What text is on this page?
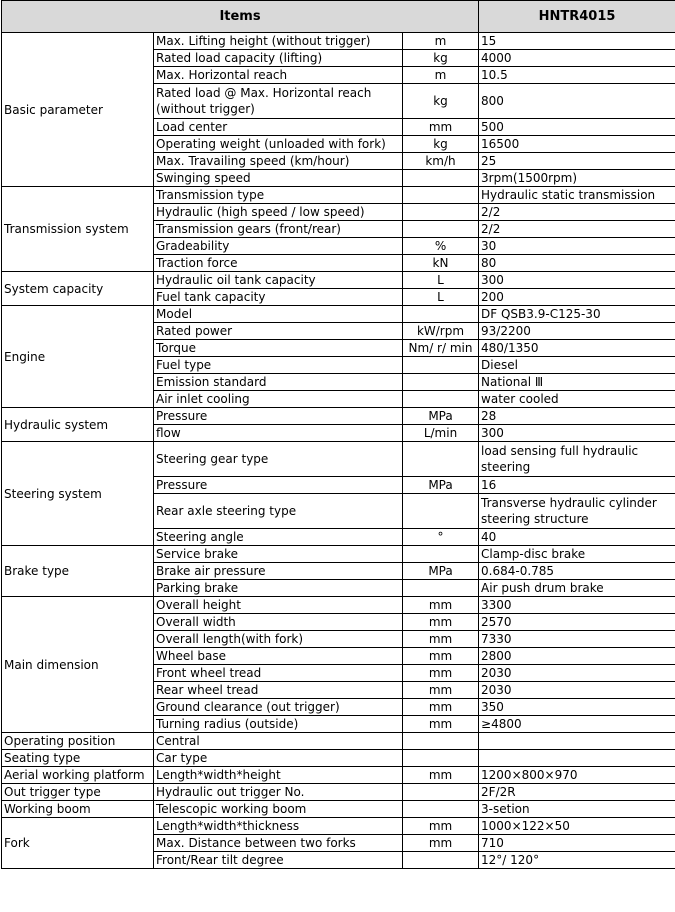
Items			HNTR4015
Basic parameter	Max. Lifting height (without trigger)	m	15
	Rated load capacity (lifting)	kg	4000
	Max. Horizontal reach	m	10.5
	Rated load @ Max. Horizontal reach (without trigger)	kg	800
	Load center	mm	500
	Operating weight (unloaded with fork)	kg	16500
	Max. Travailing speed (km/hour)	km/h	25
	Swinging speed		3rpm(1500rpm)
Transmission system	Transmission type		Hydraulic static transmission
	Hydraulic (high speed / low speed)		2/2
	Transmission gears (front/rear)		2/2
	Gradeability	%	30
	Traction force	kN	80
System capacity	Hydraulic oil tank capacity	L	300
	Fuel tank capacity	L	200
Engine	Model		DF QSB3.9-C125-30
	Rated power	kW/rpm	93/2200
	Torque	Nm/ r/ min	480/1350
	Fuel type		Diesel
	Emission standard		National Ⅲ
	Air inlet cooling		water cooled
Hydraulic system	Pressure	MPa	28
	flow	L/min	300
Steering system	Steering gear type		load sensing full hydraulic steering
	Pressure	MPa	16
	Rear axle steering type		Transverse hydraulic cylinder steering structure
	Steering angle	°	40
Brake type	Service brake		Clamp-disc brake
	Brake air pressure	MPa	0.684-0.785
	Parking brake		Air push drum brake
Main dimension	Overall height	mm	3300
	Overall width	mm	2570
	Overall length(with fork)	mm	7330
	Wheel base	mm	2800
	Front wheel tread	mm	2030
	Rear wheel tread	mm	2030
	Ground clearance (out trigger)	mm	350
	Turning radius (outside)	mm	≥4800
Operating position	Central		
Seating type	Car type		
Aerial working platform	Length*width*height	mm	1200×800×970
Out trigger type	Hydraulic out trigger No.		2F/2R
Working boom	Telescopic working boom		3-setion
Fork	Length*width*thickness	mm	1000×122×50
	Max. Distance between two forks	mm	710
	Front/Rear tilt degree		12°/ 120°
